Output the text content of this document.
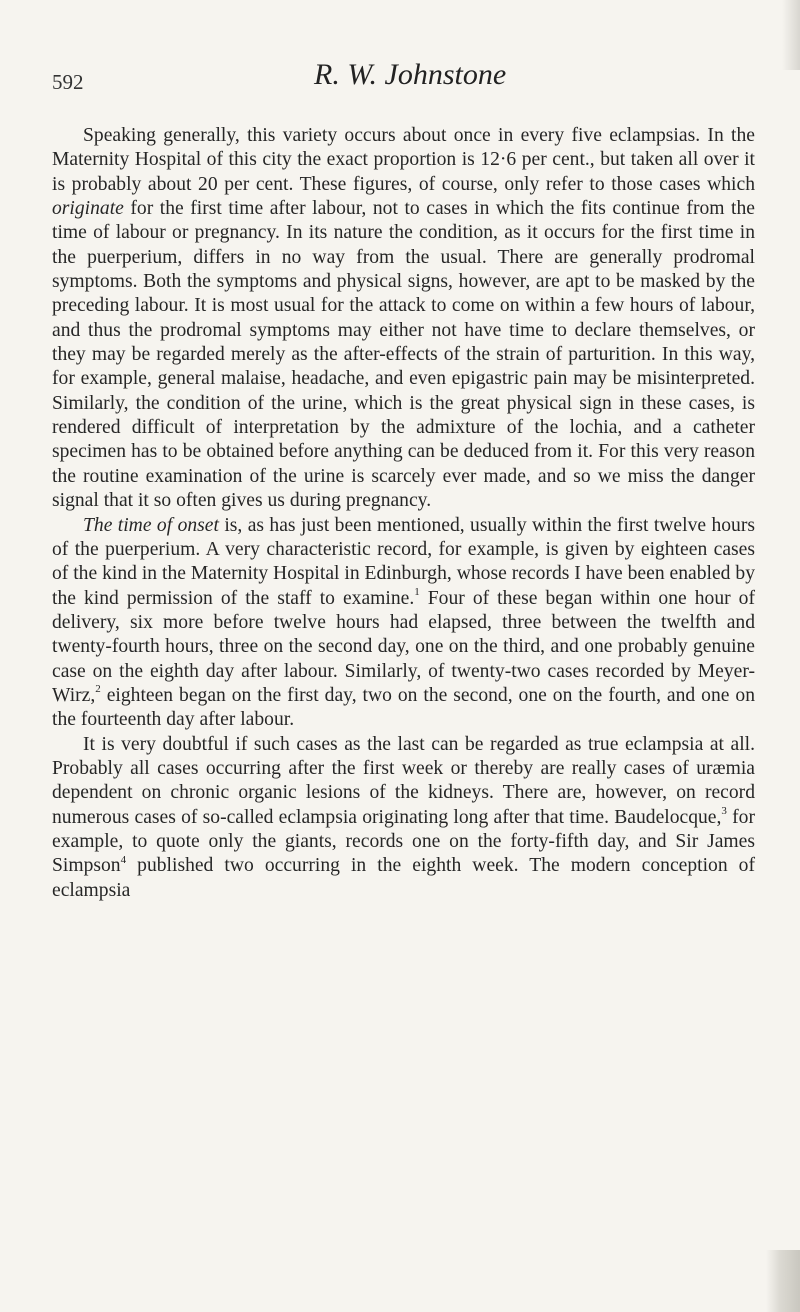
592	R. W. Johnstone

Speaking generally, this variety occurs about once in every five eclampsias. In the Maternity Hospital of this city the exact proportion is 12·6 per cent., but taken all over it is probably about 20 per cent. These figures, of course, only refer to those cases which originate for the first time after labour, not to cases in which the fits continue from the time of labour or pregnancy. In its nature the condition, as it occurs for the first time in the puerperium, differs in no way from the usual. There are generally prodromal symptoms. Both the symptoms and physical signs, however, are apt to be masked by the preceding labour. It is most usual for the attack to come on within a few hours of labour, and thus the prodromal symptoms may either not have time to declare themselves, or they may be regarded merely as the after-effects of the strain of parturition. In this way, for example, general malaise, headache, and even epigastric pain may be misinterpreted. Similarly, the condition of the urine, which is the great physical sign in these cases, is rendered difficult of interpretation by the admixture of the lochia, and a catheter specimen has to be obtained before anything can be deduced from it. For this very reason the routine examination of the urine is scarcely ever made, and so we miss the danger signal that it so often gives us during pregnancy.

The time of onset is, as has just been mentioned, usually within the first twelve hours of the puerperium. A very characteristic record, for example, is given by eighteen cases of the kind in the Maternity Hospital in Edinburgh, whose records I have been enabled by the kind permission of the staff to examine.$^1$ Four of these began within one hour of delivery, six more before twelve hours had elapsed, three between the twelfth and twenty-fourth hours, three on the second day, one on the third, and one probably genuine case on the eighth day after labour. Similarly, of twenty-two cases recorded by Meyer-Wirz,$^2$ eighteen began on the first day, two on the second, one on the fourth, and one on the fourteenth day after labour.

It is very doubtful if such cases as the last can be regarded as true eclampsia at all. Probably all cases occurring after the first week or thereby are really cases of uræmia dependent on chronic organic lesions of the kidneys. There are, however, on record numerous cases of so-called eclampsia originating long after that time. Baudelocque,$^3$ for example, to quote only the giants, records one on the forty-fifth day, and Sir James Simpson$^4$ published two occurring in the eighth week. The modern conception of eclampsia
